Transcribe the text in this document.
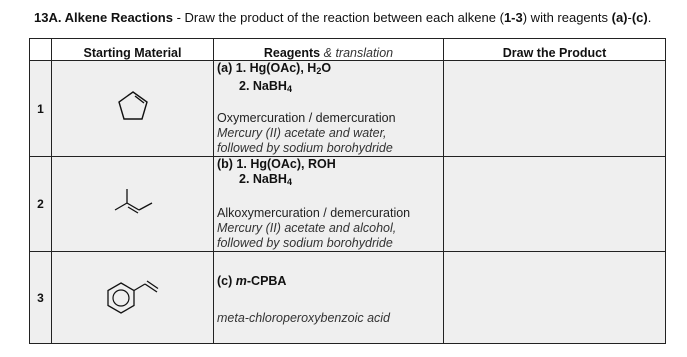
13A. Alkene Reactions - Draw the product of the reaction between each alkene (1-3) with reagents (a)-(c).
	Starting Material	Reagents & translation	Draw the Product
1		(a) 1. Hg(OAc), H2O
2. NaBH4
Oxymercuration / demercuration
Mercury (II) acetate and water,
followed by sodium borohydride	

2		(b) 1. Hg(OAc), ROH
2. NaBH4
Alkoxymercuration / demercuration
Mercury (II) acetate and alcohol,
followed by sodium borohydride	

3		(c) m-CPBA
meta-chloroperoxybenzoic acid	
